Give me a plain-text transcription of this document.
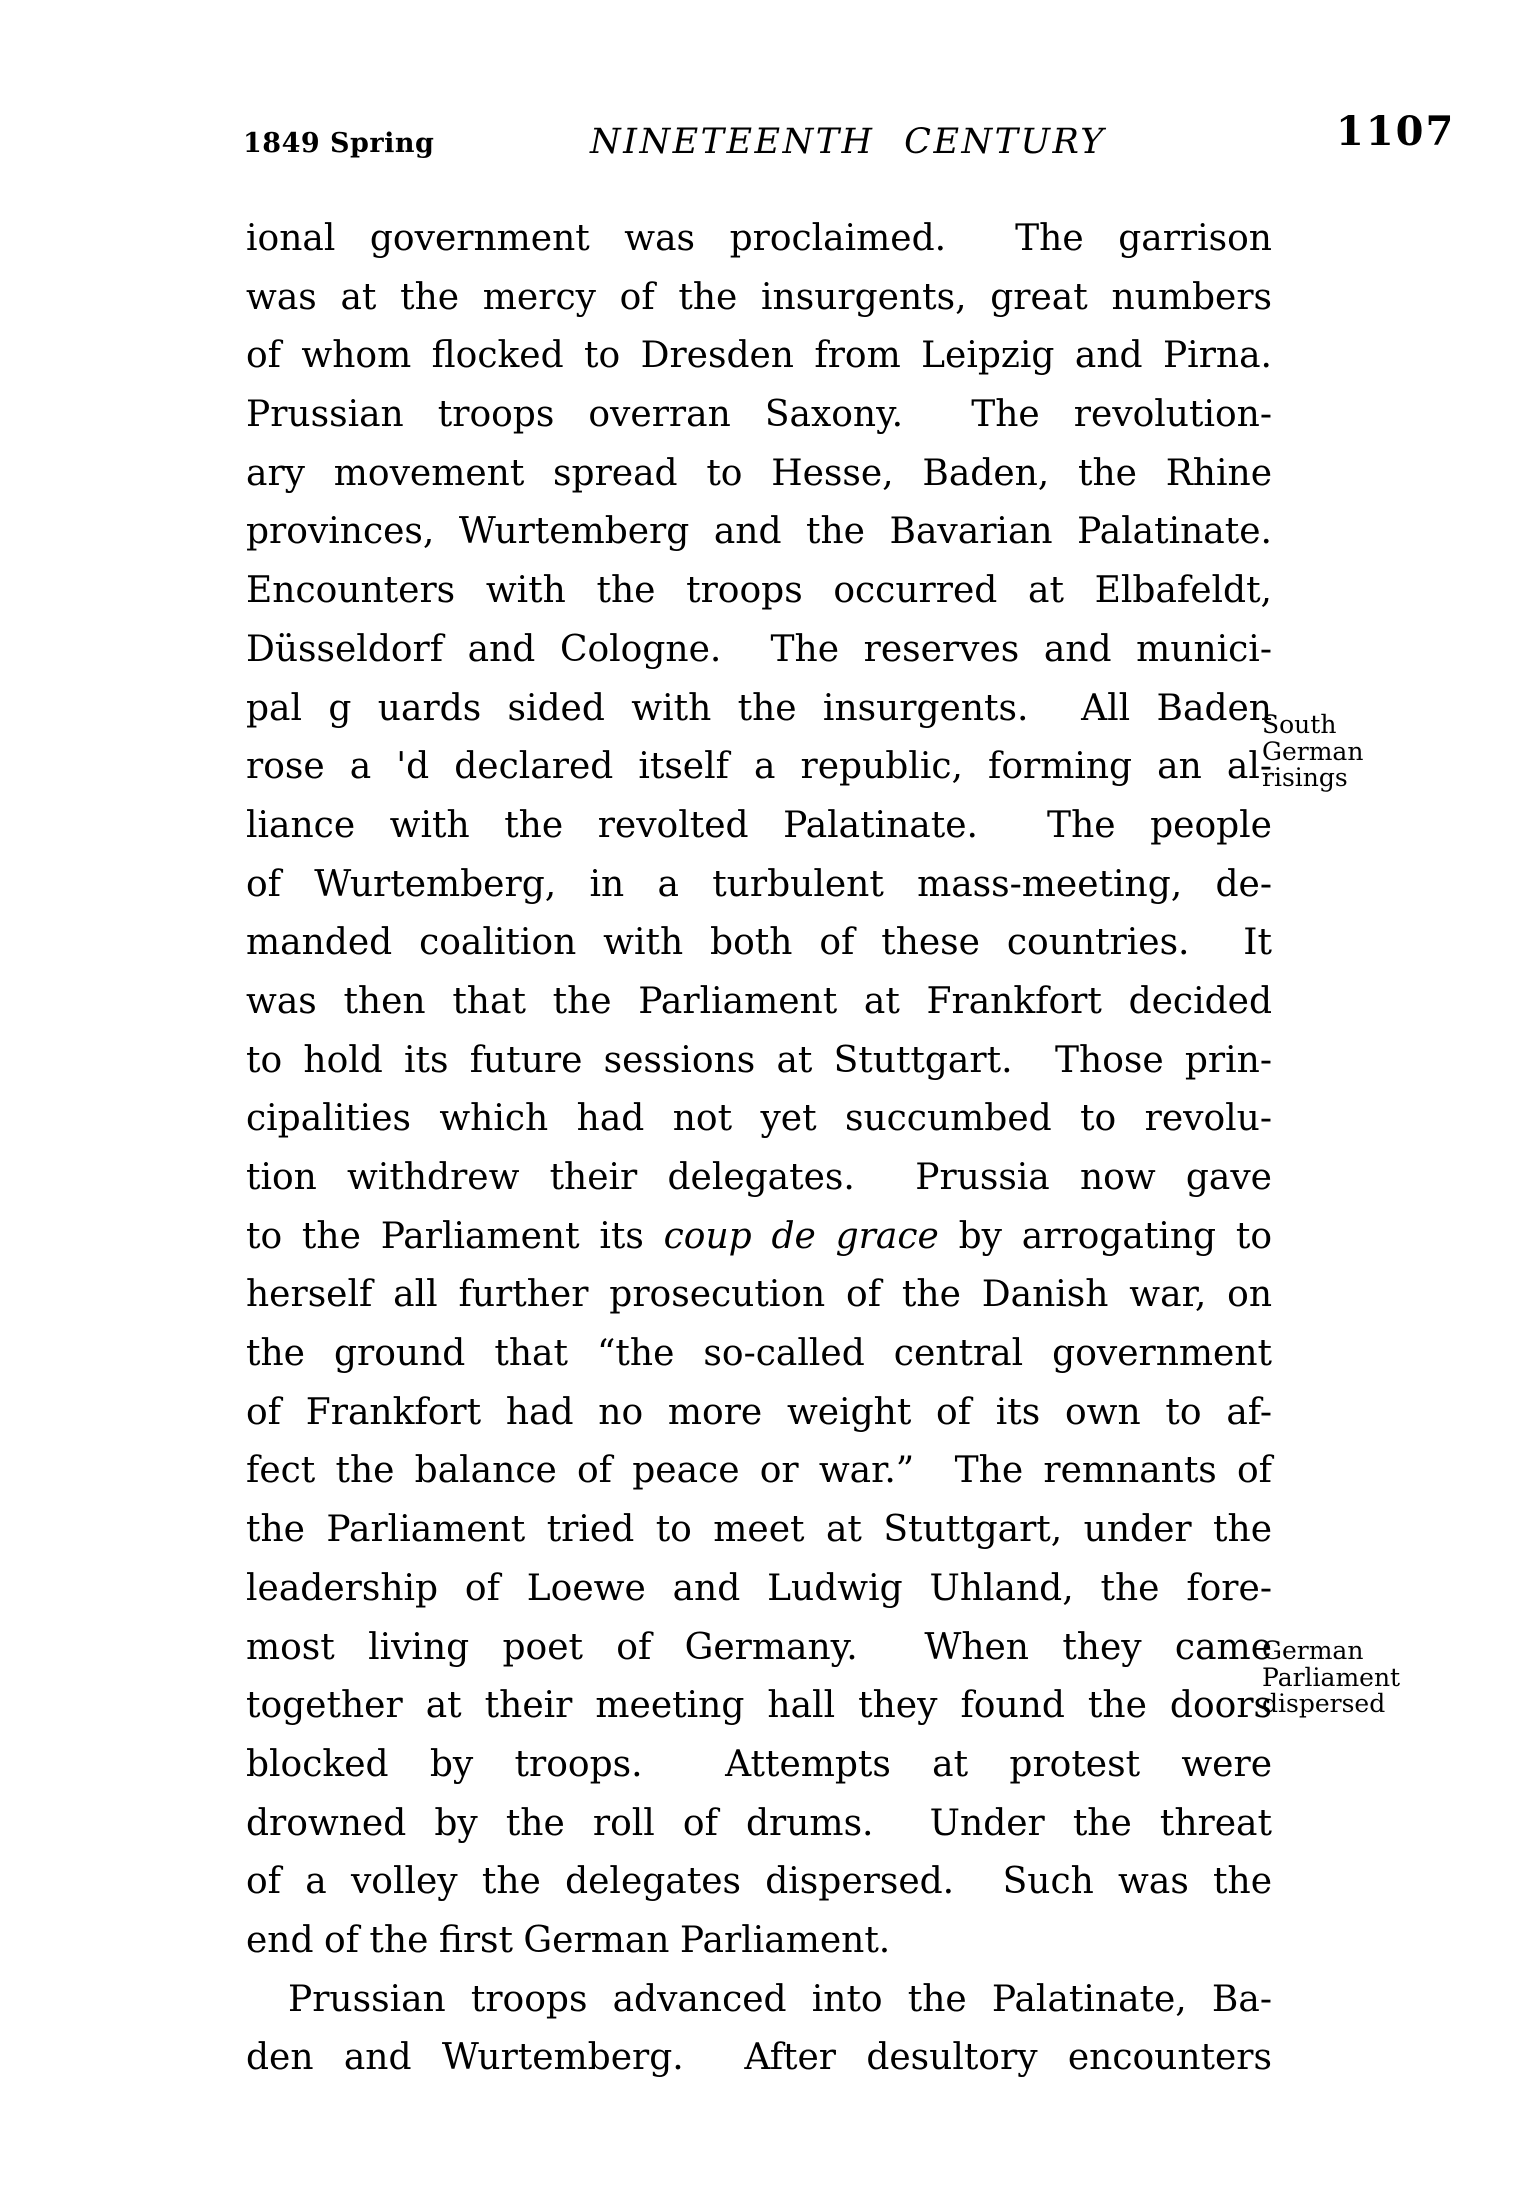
1849 Spring	NINETEENTH CENTURY	1107
ional government was proclaimed.  The garrison
was at the mercy of the insurgents, great numbers
of whom flocked to Dresden from Leipzig and Pirna.
Prussian troops overran Saxony.  The revolution-
ary movement spread to Hesse, Baden, the Rhine
provinces, Wurtemberg and the Bavarian Palatinate.
Encounters with the troops occurred at Elbafeldt,
Düsseldorf and Cologne.  The reserves and munici-
pal g uards sided with the insurgents.  All Baden
rose a 'd declared itself a republic, forming an al-
liance with the revolted Palatinate.  The people
of Wurtemberg, in a turbulent mass-meeting, de-
manded coalition with both of these countries.  It
was then that the Parliament at Frankfort decided
to hold its future sessions at Stuttgart.  Those prin-
cipalities which had not yet succumbed to revolu-
tion withdrew their delegates.  Prussia now gave
to the Parliament its coup de grace by arrogating to
herself all further prosecution of the Danish war, on
the ground that “the so-called central government
of Frankfort had no more weight of its own to af-
fect the balance of peace or war.”  The remnants of
the Parliament tried to meet at Stuttgart, under the
leadership of Loewe and Ludwig Uhland, the fore-
most living poet of Germany.  When they came
together at their meeting hall they found the doors
blocked by troops.  Attempts at protest were
drowned by the roll of drums.  Under the threat
of a volley the delegates dispersed.  Such was the
end of the first German Parliament.
Prussian troops advanced into the Palatinate, Ba-
den and Wurtemberg.  After desultory encounters
South
German
risings
German
Parliament
dispersed
